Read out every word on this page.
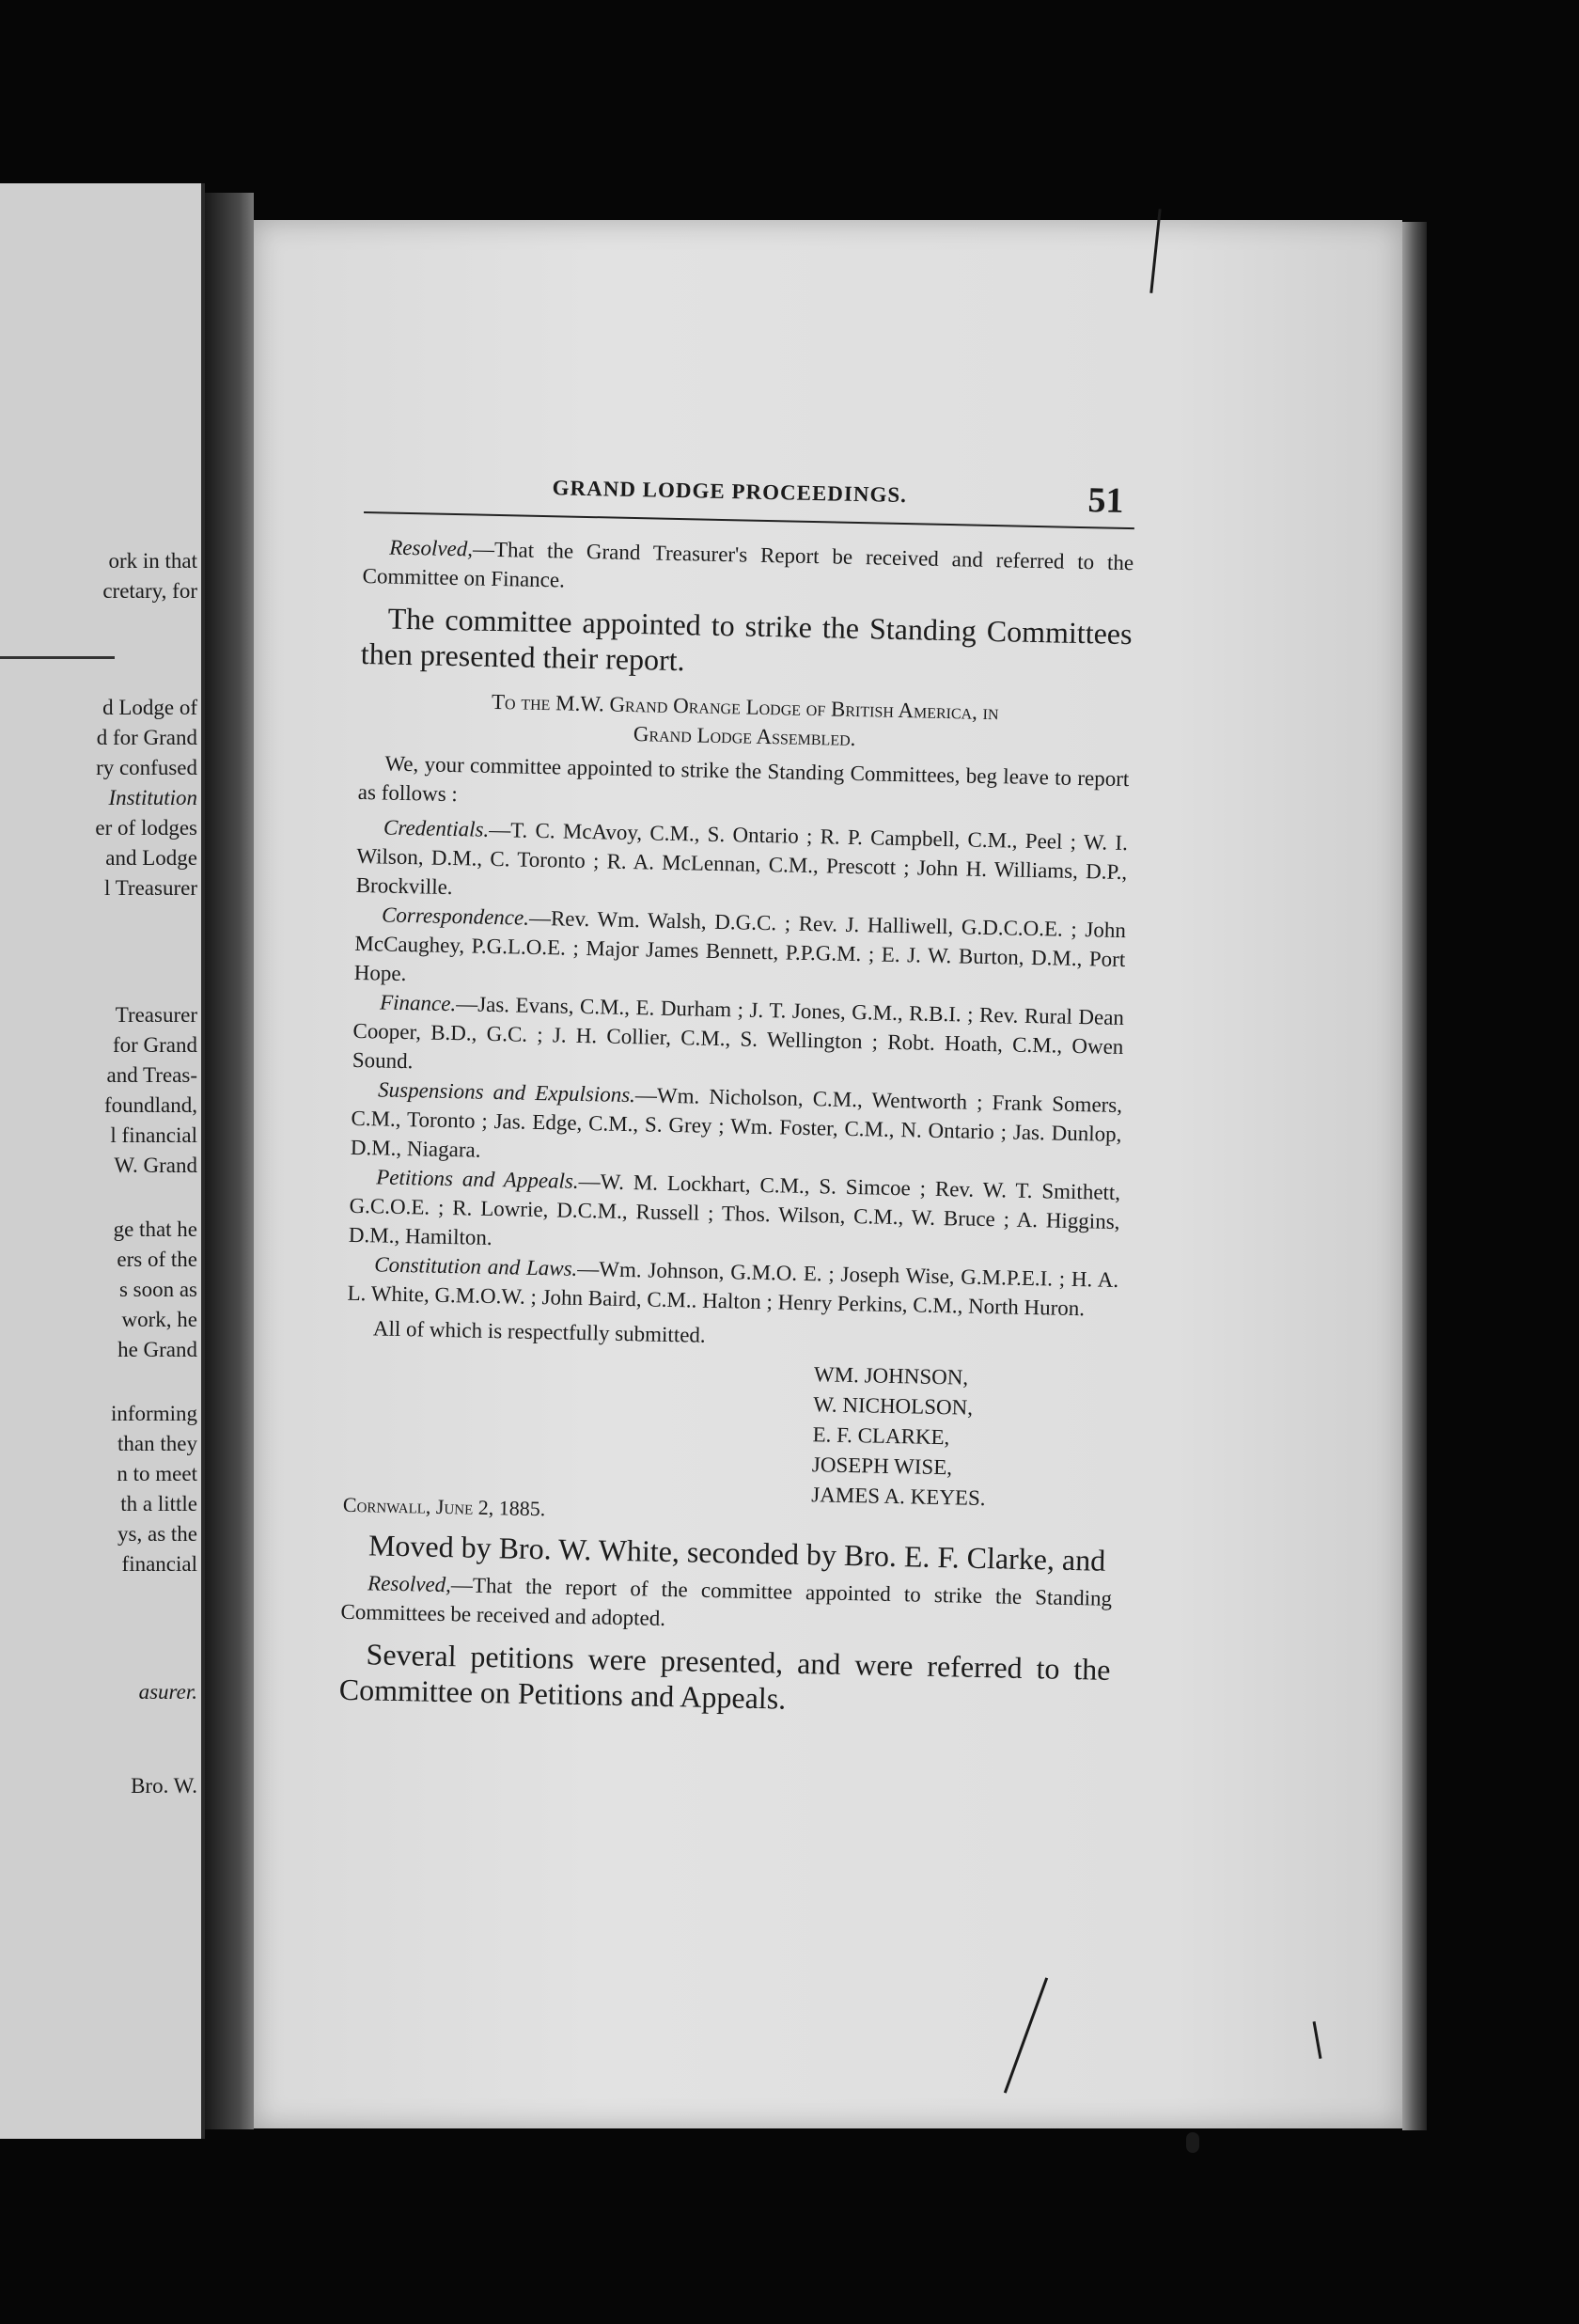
ork in that
cretary, for
d Lodge of
d for Grand
ry confused
Institution
er of lodges
and Lodge
l Treasurer
Treasurer
for Grand
and Treas-
foundland,
l financial
W. Grand
ge that he
ers of the
s soon as
work, he
he Grand
informing
than they
n to meet
th a little
ys, as the
financial
asurer.
Bro. W.
GRAND LODGE PROCEEDINGS.	51

Resolved,—That the Grand Treasurer's Report be received and referred to the Committee on Finance.

The committee appointed to strike the Standing Committees then presented their report.

To the M.W. Grand Orange Lodge of British America, in
Grand Lodge Assembled.

We, your committee appointed to strike the Standing Committees, beg leave to report as follows :

Credentials.—T. C. McAvoy, C.M., S. Ontario ; R. P. Campbell, C.M., Peel ; W. I. Wilson, D.M., C. Toronto ; R. A. McLennan, C.M., Prescott ; John H. Williams, D.P., Brockville.

Correspondence.—Rev. Wm. Walsh, D.G.C. ; Rev. J. Halliwell, G.D.C.O.E. ; John McCaughey, P.G.L.O.E. ; Major James Bennett, P.P.G.M. ; E. J. W. Burton, D.M., Port Hope.

Finance.—Jas. Evans, C.M., E. Durham ; J. T. Jones, G.M., R.B.I. ; Rev. Rural Dean Cooper, B.D., G.C. ; J. H. Collier, C.M., S. Wellington ; Robt. Hoath, C.M., Owen Sound.

Suspensions and Expulsions.—Wm. Nicholson, C.M., Wentworth ; Frank Somers, C.M., Toronto ; Jas. Edge, C.M., S. Grey ; Wm. Foster, C.M., N. Ontario ; Jas. Dunlop, D.M., Niagara.

Petitions and Appeals.—W. M. Lockhart, C.M., S. Simcoe ; Rev. W. T. Smithett, G.C.O.E. ; R. Lowrie, D.C.M., Russell ; Thos. Wilson, C.M., W. Bruce ; A. Higgins, D.M., Hamilton.

Constitution and Laws.—Wm. Johnson, G.M.O. E. ; Joseph Wise, G.M.P.E.I. ; H. A. L. White, G.M.O.W. ; John Baird, C.M.. Halton ; Henry Perkins, C.M., North Huron.

All of which is respectfully submitted.

WM. JOHNSON,
W. NICHOLSON,
E. F. CLARKE,
JOSEPH WISE,
JAMES A. KEYES.
Cornwall, June 2, 1885.

Moved by Bro. W. White, seconded by Bro. E. F. Clarke, and

Resolved,—That the report of the committee appointed to strike the Standing Committees be received and adopted.

Several petitions were presented, and were referred to the Committee on Petitions and Appeals.
